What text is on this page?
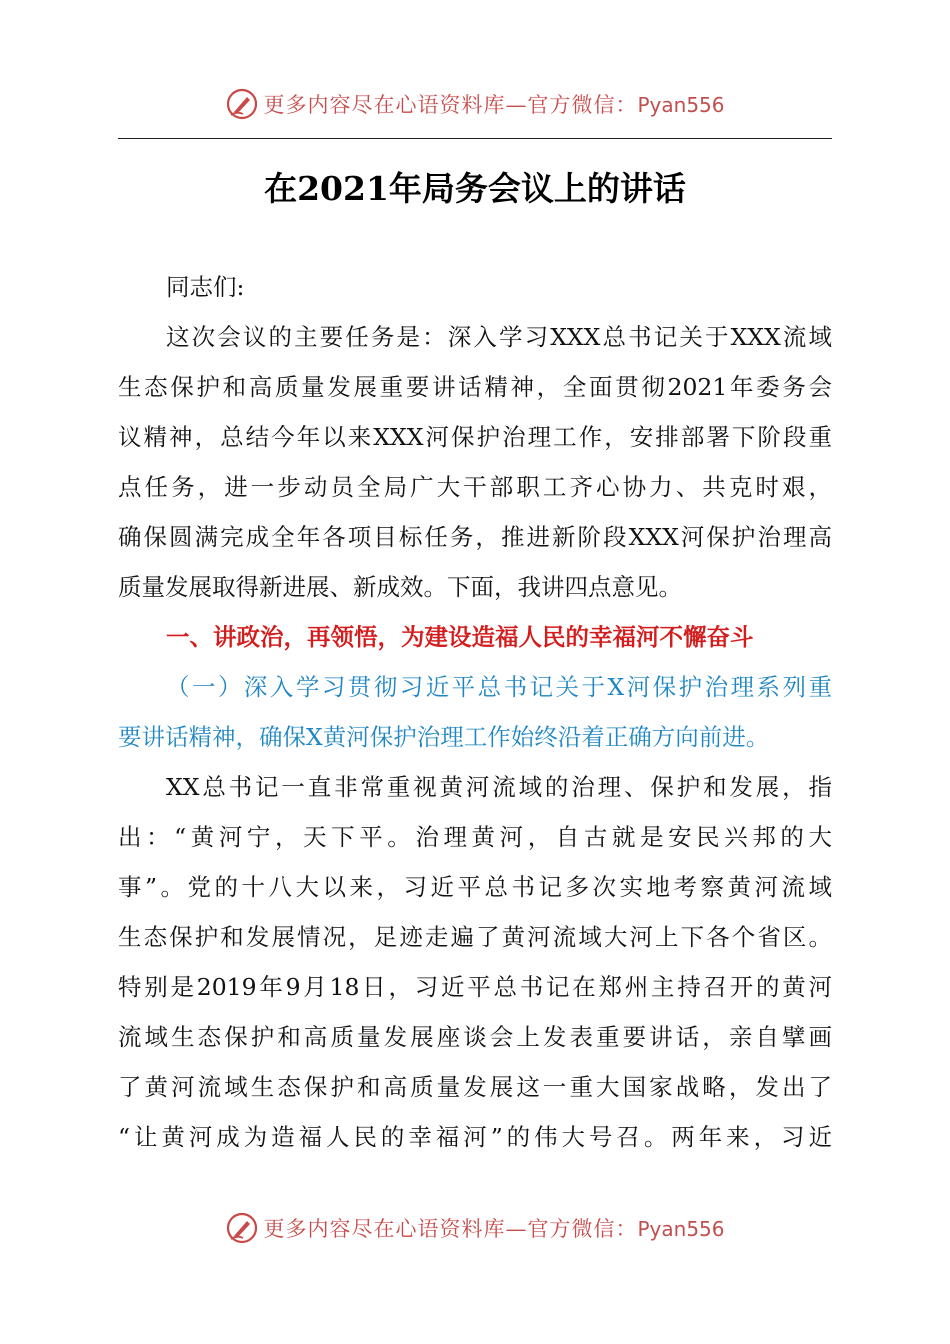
更多内容尽在心语资料库—官方微信：Pyan556
在2021年局务会议上的讲话
同志们:
这次会议的主要任务是：深入学习XXX总书记关于XXX流域
生态保护和高质量发展重要讲话精神，全面贯彻2021年委务会
议精神，总结今年以来XXX河保护治理工作，安排部署下阶段重
点任务，进一步动员全局广大干部职工齐心协力、共克时艰，
确保圆满完成全年各项目标任务，推进新阶段XXX河保护治理高
质量发展取得新进展、新成效。下面，我讲四点意见。
一、讲政治，再领悟，为建设造福人民的幸福河不懈奋斗
（一）深入学习贯彻习近平总书记关于X河保护治理系列重
要讲话精神，确保X黄河保护治理工作始终沿着正确方向前进。
XX总书记一直非常重视黄河流域的治理、保护和发展，指
出：“黄河宁，天下平。治理黄河，自古就是安民兴邦的大
事”。党的十八大以来，习近平总书记多次实地考察黄河流域
生态保护和发展情况，足迹走遍了黄河流域大河上下各个省区。
特别是2019年9月18日，习近平总书记在郑州主持召开的黄河
流域生态保护和高质量发展座谈会上发表重要讲话，亲自擘画
了黄河流域生态保护和高质量发展这一重大国家战略，发出了
“让黄河成为造福人民的幸福河”的伟大号召。两年来，习近
更多内容尽在心语资料库—官方微信：Pyan556
